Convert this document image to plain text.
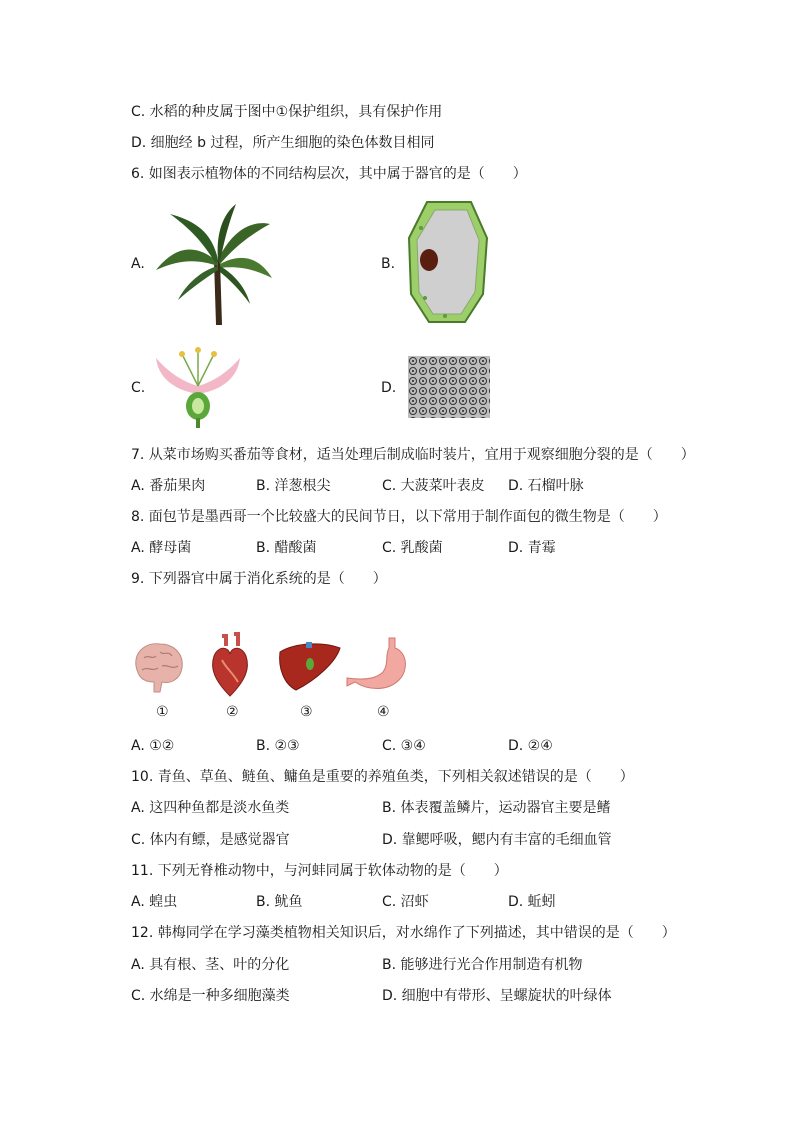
C. 水稻的种皮属于图中①保护组织，具有保护作用
D. 细胞经 b 过程，所产生细胞的染色体数目相同
6. 如图表示植物体的不同结构层次，其中属于器官的是（　　）
A.	B.
C.	D.
7. 从菜市场购买番茄等食材，适当处理后制成临时装片，宜用于观察细胞分裂的是（　　）
A. 番茄果肉	B. 洋葱根尖	C. 大菠菜叶表皮 D. 石榴叶脉
8. 面包节是墨西哥一个比较盛大的民间节日，以下常用于制作面包的微生物是（　　）
A. 酵母菌	B. 醋酸菌	C. 乳酸菌	D. 青霉
9. 下列器官中属于消化系统的是（　　）
①	②	③	④
A. ①②	B. ②③	C. ③④	D. ②④
10. 青鱼、草鱼、鲢鱼、鳙鱼是重要的养殖鱼类，下列相关叙述错误的是（　　）
A. 这四种鱼都是淡水鱼类	B. 体表覆盖鳞片，运动器官主要是鳍
C. 体内有鳔，是感觉器官	D. 靠鳃呼吸，鳃内有丰富的毛细血管
11. 下列无脊椎动物中，与河蚌同属于软体动物的是（　　）
A. 蝗虫	B. 鱿鱼	C. 沼虾	D. 蚯蚓
12. 韩梅同学在学习藻类植物相关知识后，对水绵作了下列描述，其中错误的是（　　）
A. 具有根、茎、叶的分化	B. 能够进行光合作用制造有机物
C. 水绵是一种多细胞藻类	D. 细胞中有带形、呈螺旋状的叶绿体
